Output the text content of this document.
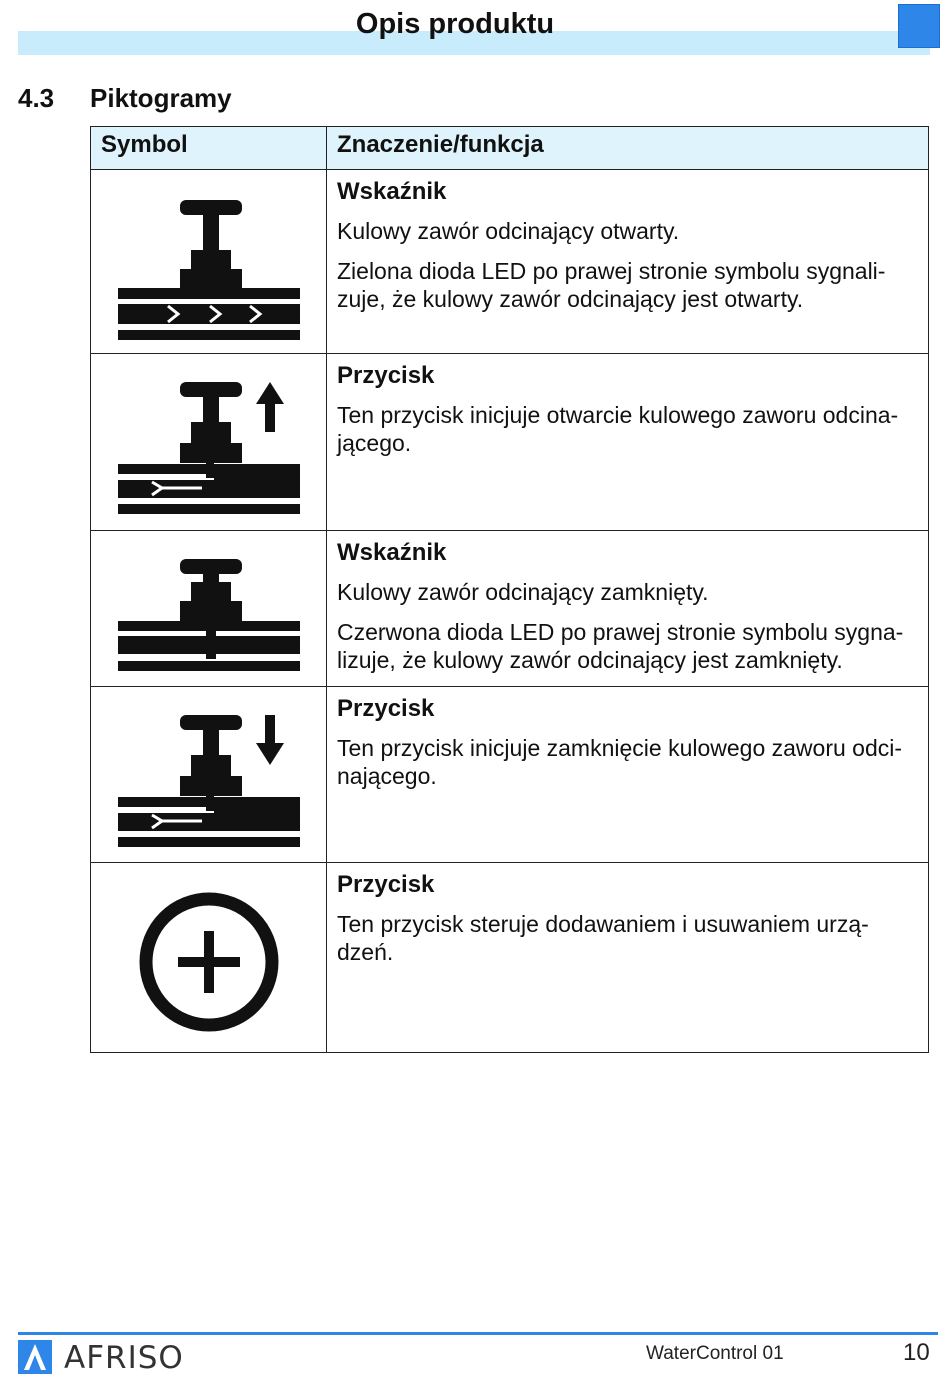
Opis produktu
4.3 Piktogramy
Symbol	Znaczenie/funkcja

Wskaźnik
Kulowy zawór odcinający otwarty.
Zielona dioda LED po prawej stronie symbolu sygnali-zuje, że kulowy zawór odcinający jest otwarty.

Przycisk
Ten przycisk inicjuje otwarcie kulowego zaworu odcina-jącego.

Wskaźnik
Kulowy zawór odcinający zamknięty.
Czerwona dioda LED po prawej stronie symbolu sygna-lizuje, że kulowy zawór odcinający jest zamknięty.

Przycisk
Ten przycisk inicjuje zamknięcie kulowego zaworu odci-nającego.

Przycisk
Ten przycisk steruje dodawaniem i usuwaniem urzą-dzeń.
AFRISO	WaterControl 01	10
